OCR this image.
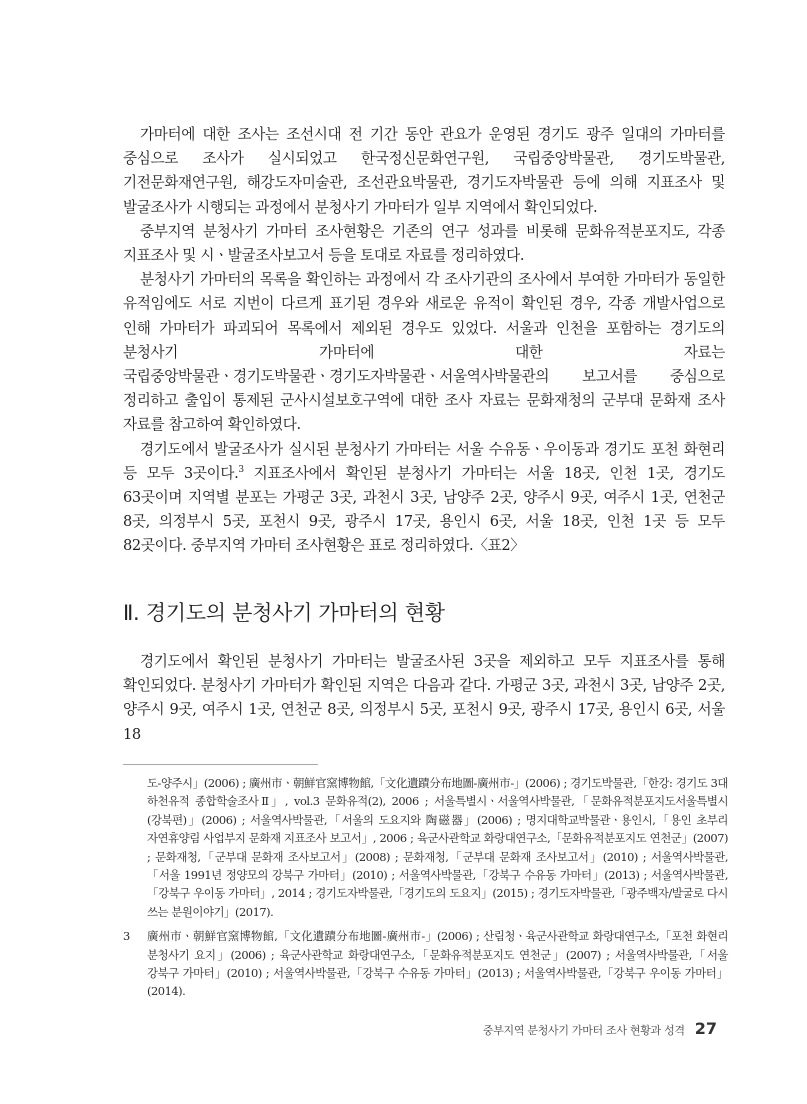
가마터에 대한 조사는 조선시대 전 기간 동안 관요가 운영된 경기도 광주 일대의 가마터를 중심으로 조사가 실시되었고 한국정신문화연구원, 국립중앙박물관, 경기도박물관, 기전문화재연구원, 해강도자미술관, 조선관요박물관, 경기도자박물관 등에 의해 지표조사 및 발굴조사가 시행되는 과정에서 분청사기 가마터가 일부 지역에서 확인되었다.

중부지역 분청사기 가마터 조사현황은 기존의 연구 성과를 비롯해 문화유적분포지도, 각종 지표조사 및 시ㆍ발굴조사보고서 등을 토대로 자료를 정리하였다.

분청사기 가마터의 목록을 확인하는 과정에서 각 조사기관의 조사에서 부여한 가마터가 동일한 유적임에도 서로 지번이 다르게 표기된 경우와 새로운 유적이 확인된 경우, 각종 개발사업으로 인해 가마터가 파괴되어 목록에서 제외된 경우도 있었다. 서울과 인천을 포함하는 경기도의 분청사기 가마터에 대한 자료는 국립중앙박물관ㆍ경기도박물관ㆍ경기도자박물관ㆍ서울역사박물관의 보고서를 중심으로 정리하고 출입이 통제된 군사시설보호구역에 대한 조사 자료는 문화재청의 군부대 문화재 조사 자료를 참고하여 확인하였다.

경기도에서 발굴조사가 실시된 분청사기 가마터는 서울 수유동ㆍ우이동과 경기도 포천 화현리 등 모두 3곳이다.$^3$ 지표조사에서 확인된 분청사기 가마터는 서울 18곳, 인천 1곳, 경기도 63곳이며 지역별 분포는 가평군 3곳, 과천시 3곳, 남양주 2곳, 양주시 9곳, 여주시 1곳, 연천군 8곳, 의정부시 5곳, 포천시 9곳, 광주시 17곳, 용인시 6곳, 서울 18곳, 인천 1곳 등 모두 82곳이다. 중부지역 가마터 조사현황은 표로 정리하였다.〈표2〉

Ⅱ. 경기도의 분청사기 가마터의 현황

경기도에서 확인된 분청사기 가마터는 발굴조사된 3곳을 제외하고 모두 지표조사를 통해 확인되었다. 분청사기 가마터가 확인된 지역은 다음과 같다. 가평군 3곳, 과천시 3곳, 남양주 2곳, 양주시 9곳, 여주시 1곳, 연천군 8곳, 의정부시 5곳, 포천시 9곳, 광주시 17곳, 용인시 6곳, 서울 18

도-양주시」(2006) ; 廣州市ㆍ朝鮮官窯博物館,「文化遺蹟分布地圖-廣州市-」(2006) ; 경기도박물관,「한강: 경기도 3대 하천유적 종합학술조사Ⅱ」, vol.3 문화유적(2), 2006 ; 서울특별시ㆍ서울역사박물관,「문화유적분포지도서울특별시(강북편)」(2006) ; 서울역사박물관,「서울의 도요지와 陶磁器」(2006) ; 명지대학교박물관ㆍ용인시,「용인 초부리 자연휴양림 사업부지 문화재 지표조사 보고서」, 2006 ; 육군사관학교 화랑대연구소,「문화유적분포지도 연천군」(2007) ; 문화재청,「군부대 문화재 조사보고서」(2008) ; 문화재청,「군부대 문화재 조사보고서」(2010) ; 서울역사박물관,「서울 1991년 정양모의 강북구 가마터」(2010) ; 서울역사박물관,「강북구 수유동 가마터」(2013) ; 서울역사박물관,「강북구 우이동 가마터」, 2014 ; 경기도자박물관,「경기도의 도요지」(2015) ; 경기도자박물관,「광주백자/발굴로 다시 쓰는 분원이야기」(2017).
3	廣州市ㆍ朝鮮官窯博物館,「文化遺蹟分布地圖-廣州市-」(2006) ; 산림청ㆍ육군사관학교 화랑대연구소,「포천 화현리 분청사기 요지」(2006) ; 육군사관학교 화랑대연구소,「문화유적분포지도 연천군」(2007) ; 서울역사박물관,「서울 강북구 가마터」(2010) ; 서울역사박물관,「강북구 수유동 가마터」(2013) ; 서울역사박물관,「강북구 우이동 가마터」(2014).
중부지역 분청사기 가마터 조사 현황과 성격 27
